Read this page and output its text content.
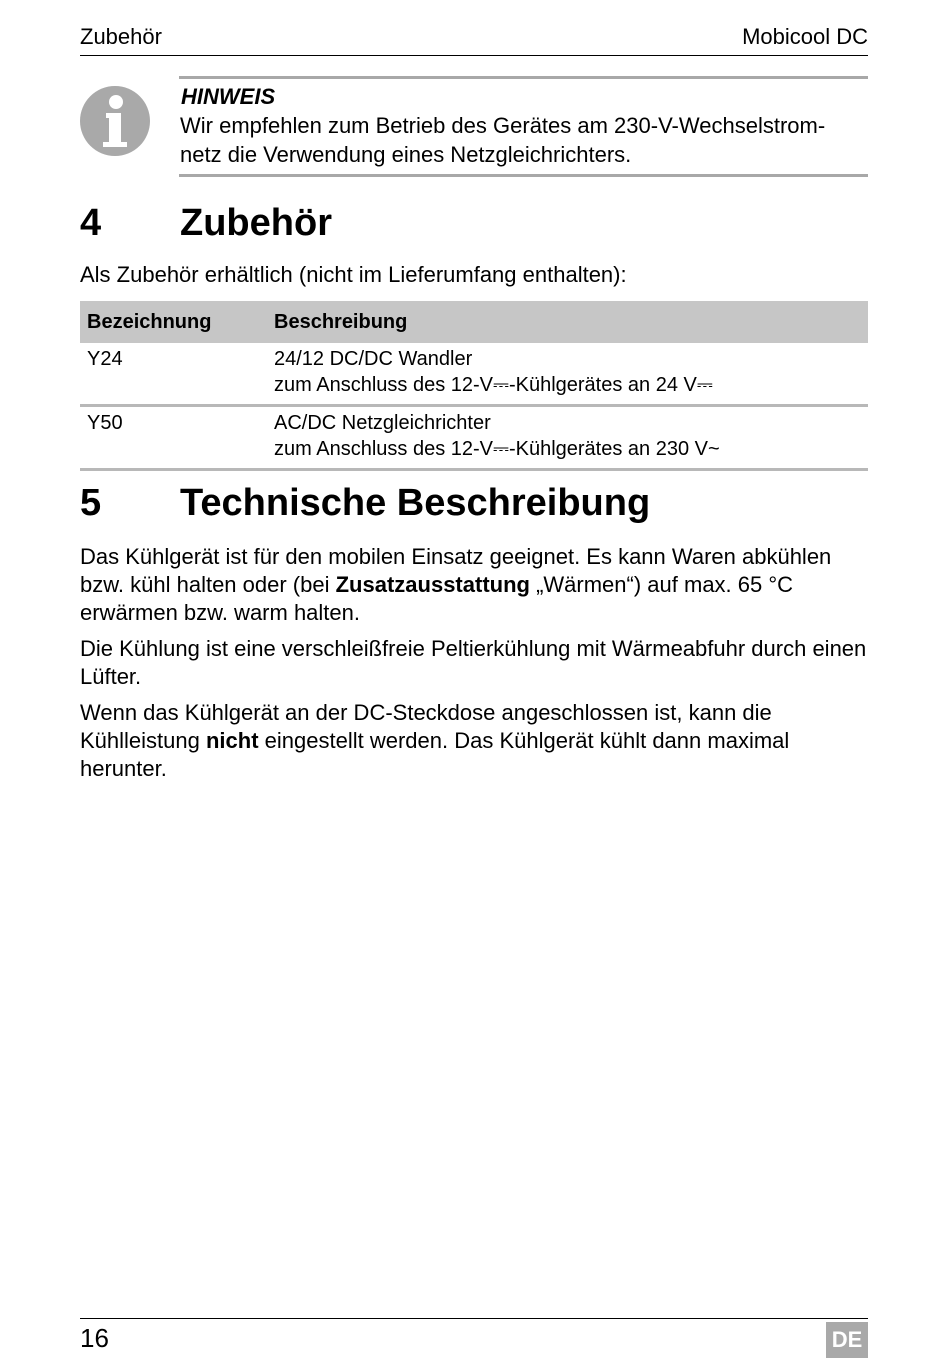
Zubehör	Mobicool DC
HINWEIS
Wir empfehlen zum Betrieb des Gerätes am 230-V-Wechselstrom-
netz die Verwendung eines Netzgleichrichters.
4 Zubehör
Als Zubehör erhältlich (nicht im Lieferumfang enthalten):
Bezeichnung	Beschreibung
Y24	24/12 DC/DC Wandler
zum Anschluss des 12-V⎓-Kühlgerätes an 24 V⎓

Y50	AC/DC Netzgleichrichter
zum Anschluss des 12-V⎓-Kühlgerätes an 230 V~
5 Technische Beschreibung

Das Kühlgerät ist für den mobilen Einsatz geeignet. Es kann Waren abkühlen bzw. kühl halten oder (bei Zusatzausstattung „Wärmen“) auf max. 65 °C erwärmen bzw. warm halten.

Die Kühlung ist eine verschleißfreie Peltierkühlung mit Wärmeabfuhr durch einen Lüfter.

Wenn das Kühlgerät an der DC-Steckdose angeschlossen ist, kann die Kühlleistung nicht eingestellt werden. Das Kühlgerät kühlt dann maximal herunter.

16	DE
